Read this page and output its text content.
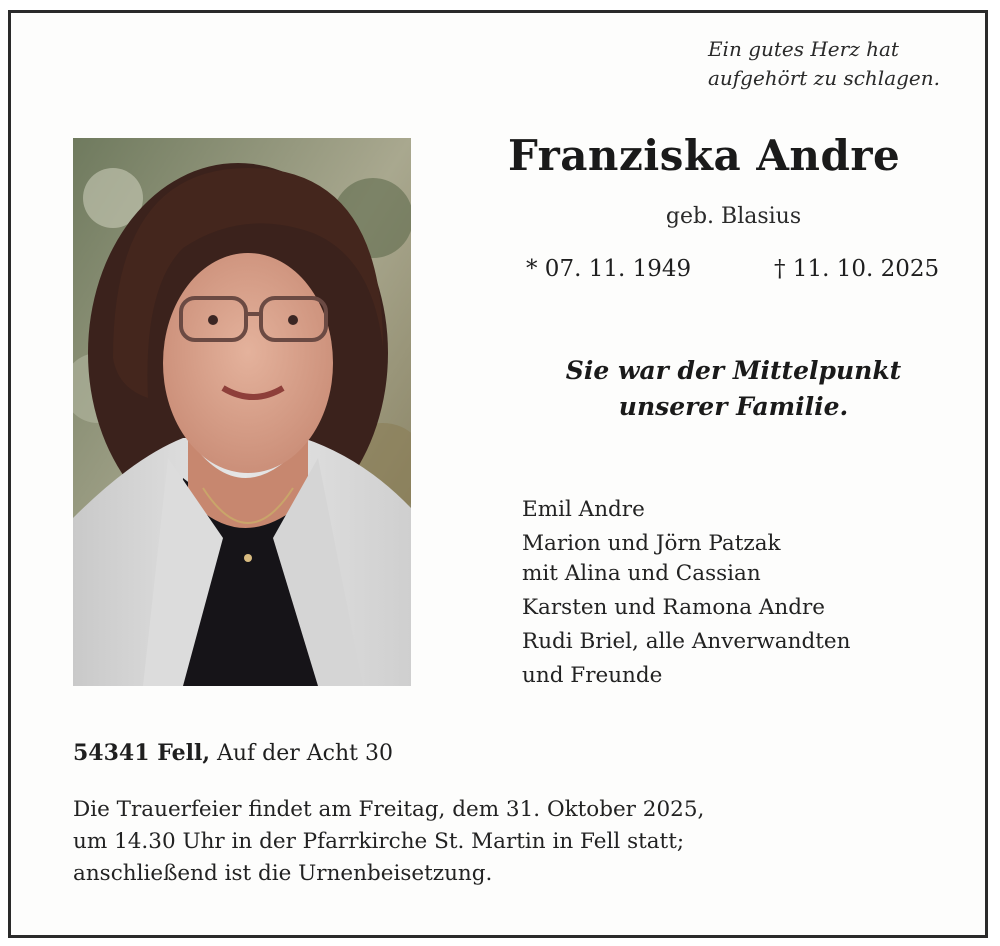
Ein gutes Herz hat
aufgehört zu schlagen.
Franziska Andre
geb. Blasius
* 07. 11. 1949	† 11. 10. 2025
Sie war der Mittelpunkt
unserer Familie.
Emil Andre
Marion und Jörn Patzak
mit Alina und Cassian
Karsten und Ramona Andre
Rudi Briel, alle Anverwandten
und Freunde
54341 Fell, Auf der Acht 30
Die Trauerfeier findet am Freitag, dem 31. Oktober 2025,
um 14.30 Uhr in der Pfarrkirche St. Martin in Fell statt;
anschließend ist die Urnenbeisetzung.
